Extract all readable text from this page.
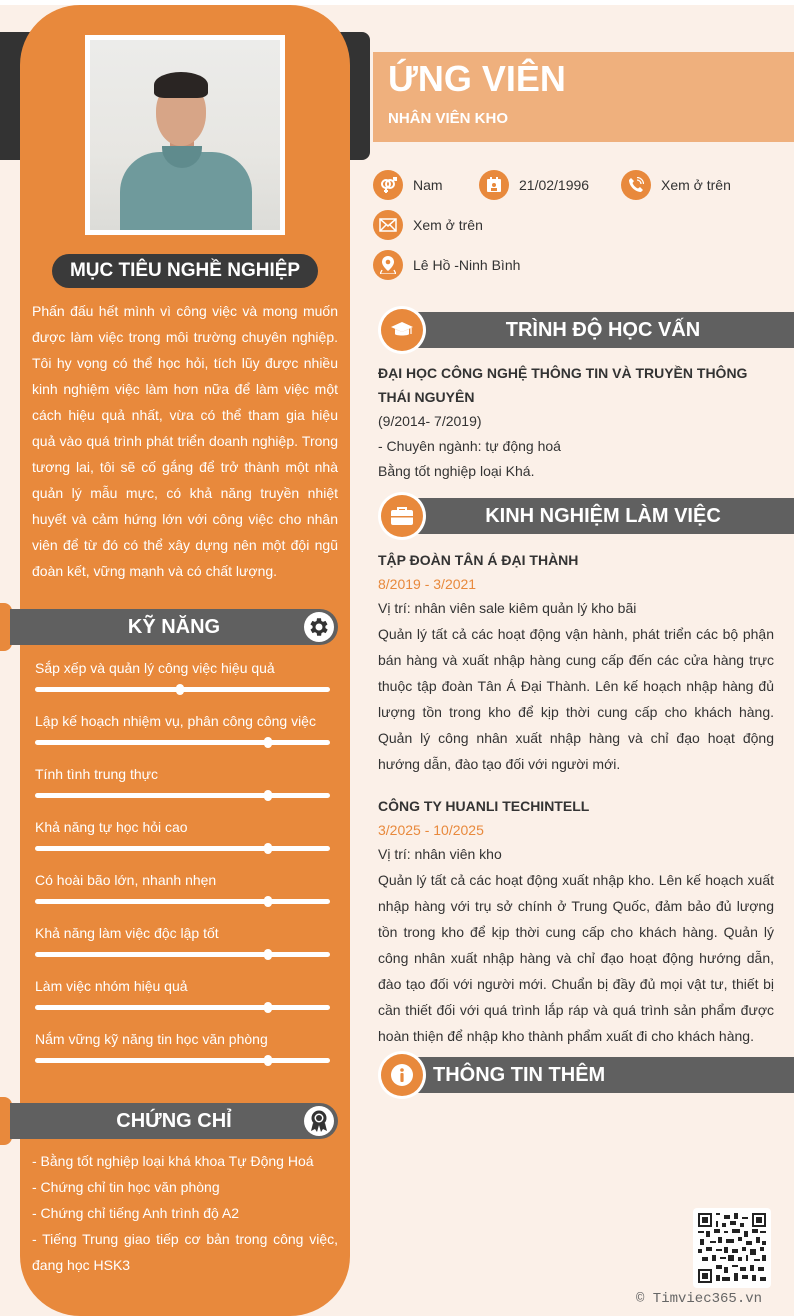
MỤC TIÊU NGHỀ NGHIỆP
Phấn đấu hết mình vì công việc và mong muốn được làm việc trong môi trường chuyên nghiệp. Tôi hy vọng có thể học hỏi, tích lũy được nhiều kinh nghiệm việc làm hơn nữa để làm việc một cách hiệu quả nhất, vừa có thể tham gia hiệu quả vào quá trình phát triển doanh nghiệp. Trong tương lai, tôi sẽ cố gắng để trở thành một nhà quản lý mẫu mực, có khả năng truyền nhiệt huyết và cảm hứng lớn với công việc cho nhân viên để từ đó có thể xây dựng nên một đội ngũ đoàn kết, vững mạnh và có chất lượng.
KỸ NĂNG
Sắp xếp và quản lý công việc hiệu quả
Lập kế hoạch nhiệm vụ, phân công công việc
Tính tình trung thực
Khả năng tự học hỏi cao
Có hoài bão lớn, nhanh nhẹn
Khả năng làm việc độc lập tốt
Làm việc nhóm hiệu quả
Nắm vững kỹ năng tin học văn phòng
CHỨNG CHỈ
- Bằng tốt nghiệp loại khá khoa Tự Động Hoá
- Chứng chỉ tin học văn phòng
- Chứng chỉ tiếng Anh trình độ A2
- Tiếng Trung giao tiếp cơ bản trong công việc, đang học HSK3
ỨNG VIÊN
NHÂN VIÊN KHO
Nam	21/02/1996	Xem ở trên
Xem ở trên
Lê Hồ -Ninh Bình
TRÌNH ĐỘ HỌC VẤN
ĐẠI HỌC CÔNG NGHỆ THÔNG TIN VÀ TRUYỀN THÔNG THÁI NGUYÊN
(9/2014- 7/2019)
- Chuyên ngành: tự động hoá
Bằng tốt nghiệp loại Khá.
KINH NGHIỆM LÀM VIỆC
TẬP ĐOÀN TÂN Á ĐẠI THÀNH
8/2019 - 3/2021
Vị trí: nhân viên sale kiêm quản lý kho bãi
Quản lý tất cả các hoạt động vận hành, phát triển các bộ phận bán hàng và xuất nhập hàng cung cấp đến các cửa hàng trực thuộc tập đoàn Tân Á Đại Thành. Lên kế hoạch nhập hàng đủ lượng tồn trong kho để kịp thời cung cấp cho khách hàng. Quản lý công nhân xuất nhập hàng và chỉ đạo hoạt động hướng dẫn, đào tạo đối với người mới.
CÔNG TY HUANLI TECHINTELL
3/2025 - 10/2025
Vị trí: nhân viên kho
Quản lý tất cả các hoạt động xuất nhập kho. Lên kế hoạch xuất nhập hàng với trụ sở chính ở Trung Quốc, đảm bảo đủ lượng tồn trong kho để kịp thời cung cấp cho khách hàng. Quản lý công nhân xuất nhập hàng và chỉ đạo hoạt động hướng dẫn, đào tạo đối với người mới. Chuẩn bị đầy đủ mọi vật tư, thiết bị cần thiết đối với quá trình lắp ráp và quá trình sản phẩm được hoàn thiện để nhập kho thành phẩm xuất đi cho khách hàng.
THÔNG TIN THÊM
© Timviec365.vn
